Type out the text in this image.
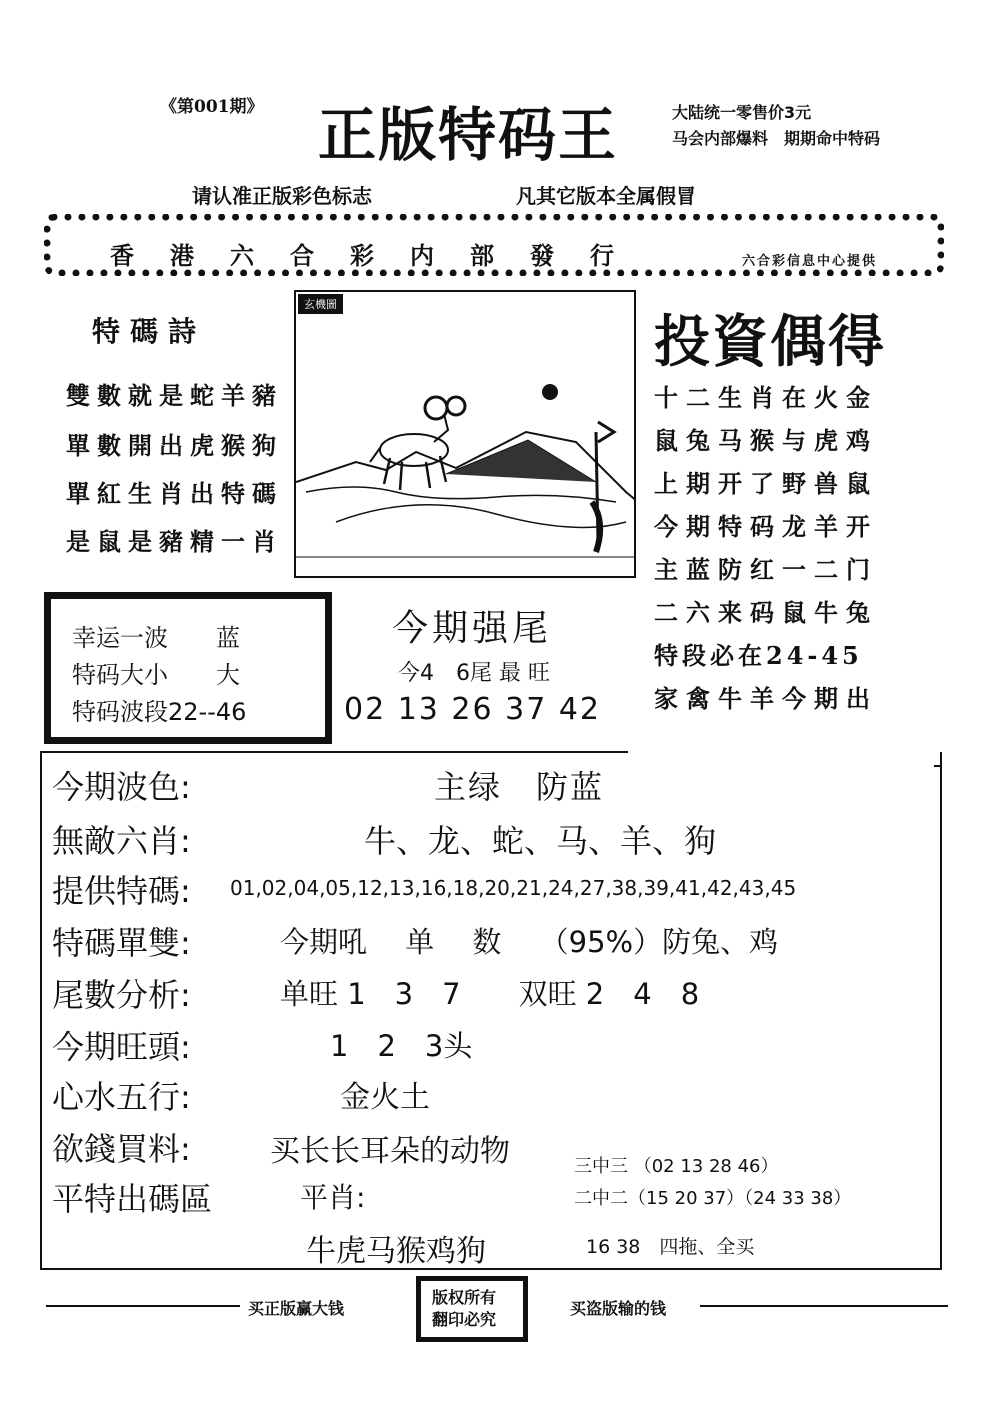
《第001期》 正版特码王	大陆统一零售价3元
马会内部爆料　期期命中特码
请认准正版彩色标志	凡其它版本全属假冒
香港六合彩内部發行	六合彩信息中心提供
特碼詩
雙數就是蛇羊豬
單數開出虎猴狗
單紅生肖出特碼
是鼠是豬精一肖
玄機圖
投資偶得
十二生肖在火金
鼠兔马猴与虎鸡
上期开了野兽鼠
今期特码龙羊开
主蓝防红一二门
二六来码鼠牛兔
特段必在24-45
家禽牛羊今期出
幸运一波　　蓝
特码大小　　大
特码波段22--46
今期强尾
今4　6尾 最 旺
02 13 26 37 42
今期波色:	主绿　防蓝
無敵六肖:	牛、龙、蛇、马、羊、狗
提供特碼: 01,02,04,05,12,13,16,18,20,21,24,27,38,39,41,42,43,45
特碼單雙:	今期吼　 单　 数　 （95%）防兔、鸡
尾數分析:	单旺 1　3　7　　双旺 2　4　8
今期旺頭:	1　2　3头
心水五行:	金火土
欲錢買料:	买长长耳朵的动物
平特出碼區	平肖:
牛虎马猴鸡狗
三中三 （02 13 28 46）
二中二（15 20 37）（24 33 38）
16 38　四拖、全买
买正版赢大钱
版权所有
翻印必究
买盗版输的钱
